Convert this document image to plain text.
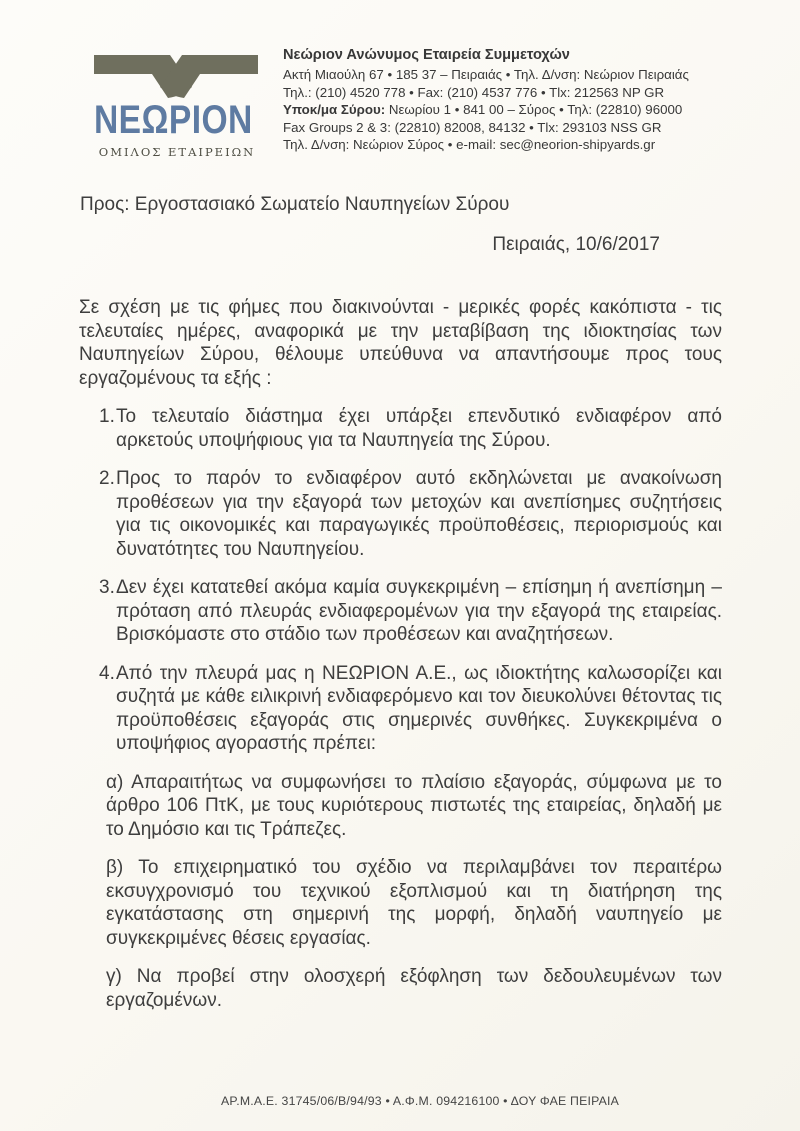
ΝΕΩΡΙΟΝ
ΟΜΙΛΟΣ ΕΤΑΙΡΕΙΩΝ
Νεώριον Ανώνυμος Εταιρεία Συμμετοχών
Ακτή Μιαούλη 67 • 185 37 – Πειραιάς • Τηλ. Δ/νση: Νεώριον Πειραιάς
Τηλ.: (210) 4520 778 • Fax: (210) 4537 776 • Tlx: 212563 NP GR
Υποκ/μα Σύρου: Νεωρίου 1 • 841 00 – Σύρος • Τηλ: (22810) 96000
Fax Groups 2 & 3: (22810) 82008, 84132 • Tlx: 293103 NSS GR
Τηλ. Δ/νση: Νεώριον Σύρος • e-mail: sec@neorion-shipyards.gr
Προς: Εργοστασιακό Σωματείο Ναυπηγείων Σύρου
Πειραιάς, 10/6/2017

Σε σχέση με τις φήμες που διακινούνται - μερικές φορές κακόπιστα - τις τελευταίες ημέρες, αναφορικά με την μεταβίβαση της ιδιοκτησίας των Ναυπηγείων Σύρου, θέλουμε υπεύθυνα να απαντήσουμε προς τους εργαζομένους τα εξής :

1. Το τελευταίο διάστημα έχει υπάρξει επενδυτικό ενδιαφέρον από αρκετούς υποψήφιους για τα Ναυπηγεία της Σύρου.
2. Προς το παρόν το ενδιαφέρον αυτό εκδηλώνεται με ανακοίνωση προθέσεων για την εξαγορά των μετοχών και ανεπίσημες συζητήσεις για τις οικονομικές και παραγωγικές προϋποθέσεις, περιορισμούς και δυνατότητες του Ναυπηγείου.
3. Δεν έχει κατατεθεί ακόμα καμία συγκεκριμένη – επίσημη ή ανεπίσημη – πρόταση από πλευράς ενδιαφερομένων για την εξαγορά της εταιρείας. Βρισκόμαστε στο στάδιο των προθέσεων και αναζητήσεων.
4. Από την πλευρά μας η ΝΕΩΡΙΟΝ Α.Ε., ως ιδιοκτήτης καλωσορίζει και συζητά με κάθε ειλικρινή ενδιαφερόμενο και τον διευκολύνει θέτοντας τις προϋποθέσεις εξαγοράς στις σημερινές συνθήκες. Συγκεκριμένα ο υποψήφιος αγοραστής πρέπει:
α) Απαραιτήτως να συμφωνήσει το πλαίσιο εξαγοράς, σύμφωνα με το άρθρο 106 ΠτΚ, με τους κυριότερους πιστωτές της εταιρείας, δηλαδή με το Δημόσιο και τις Τράπεζες.
β) Το επιχειρηματικό του σχέδιο να περιλαμβάνει τον περαιτέρω εκσυγχρονισμό του τεχνικού εξοπλισμού και τη διατήρηση της εγκατάστασης στη σημερινή της μορφή, δηλαδή ναυπηγείο με συγκεκριμένες θέσεις εργασίας.
γ) Να προβεί στην ολοσχερή εξόφληση των δεδουλευμένων των εργαζομένων.
ΑΡ.Μ.Α.Ε. 31745/06/Β/94/93 • Α.Φ.Μ. 094216100 • ΔΟΥ ΦΑΕ ΠΕΙΡΑΙΑ
